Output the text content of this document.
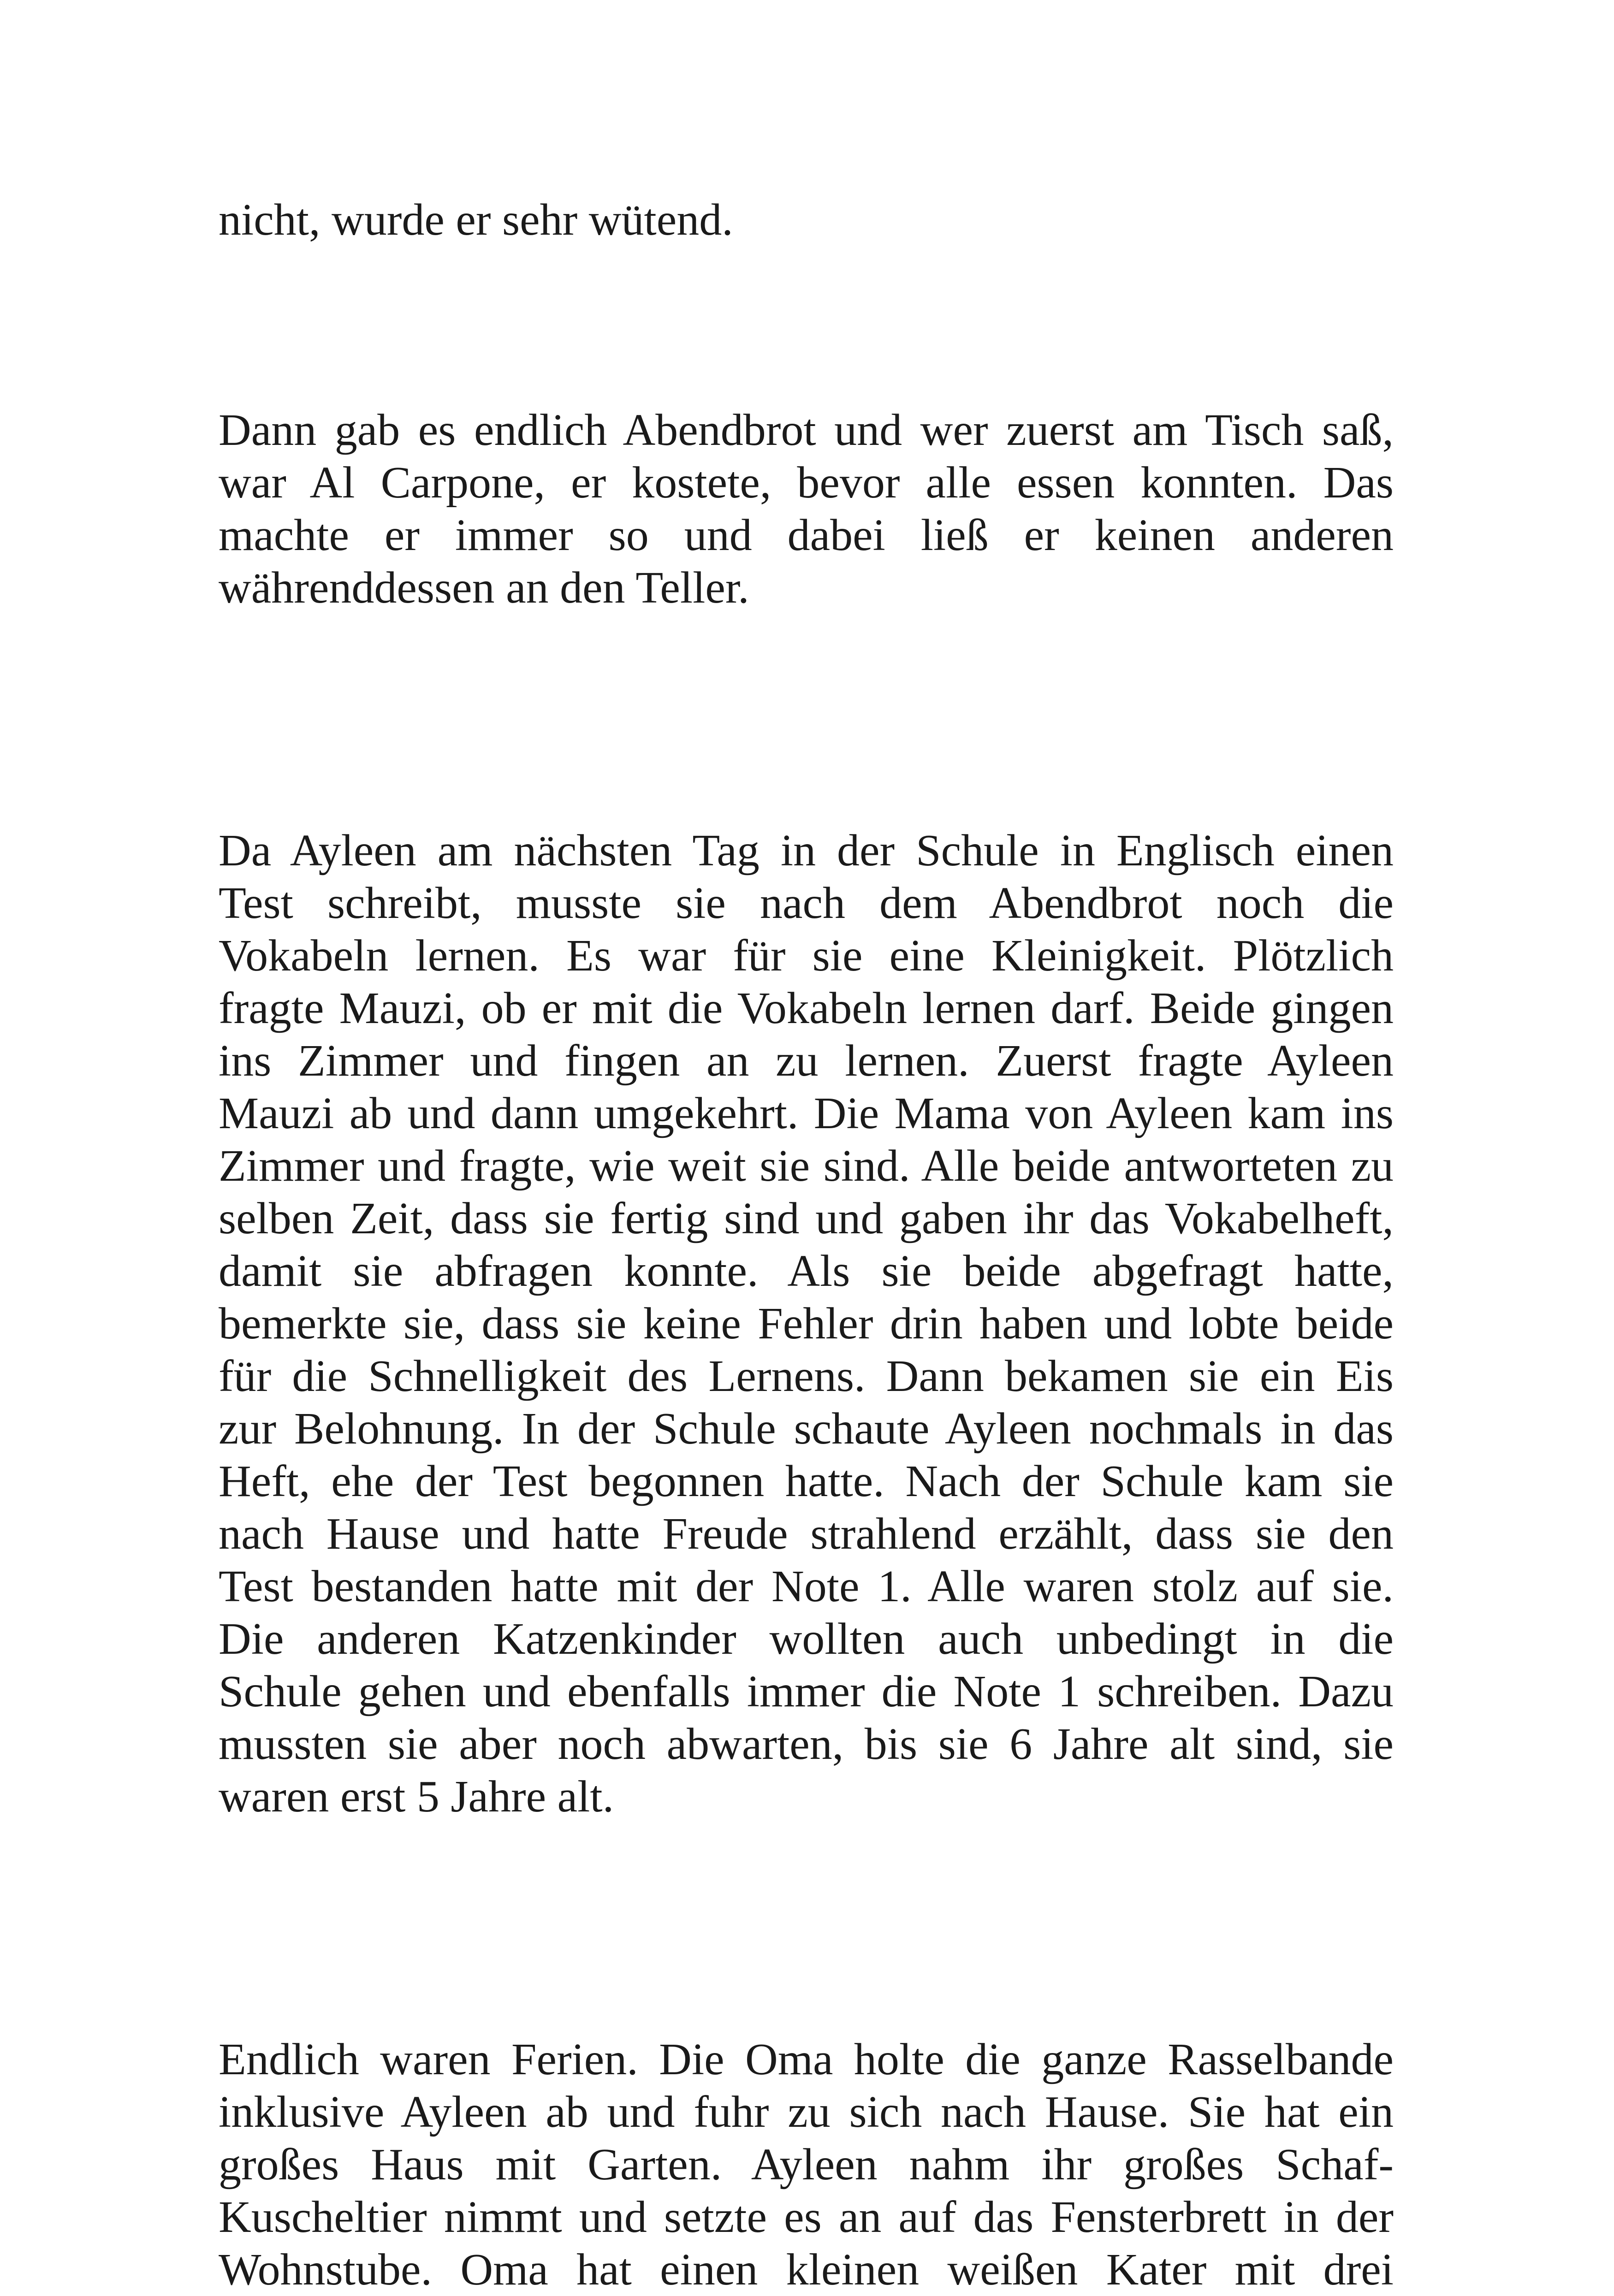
nicht, wurde er sehr wütend.
Dann gab es endlich Abendbrot und wer zuerst am Tisch saß,
war Al Carpone, er kostete, bevor alle essen konnten. Das
machte er immer so und dabei ließ er keinen anderen
währenddessen an den Teller.
Da Ayleen am nächsten Tag in der Schule in Englisch einen
Test schreibt, musste sie nach dem Abendbrot noch die
Vokabeln lernen. Es war für sie eine Kleinigkeit. Plötzlich
fragte Mauzi, ob er mit die Vokabeln lernen darf. Beide gingen
ins Zimmer und fingen an zu lernen. Zuerst fragte Ayleen
Mauzi ab und dann umgekehrt. Die Mama von Ayleen kam ins
Zimmer und fragte, wie weit sie sind. Alle beide antworteten zu
selben Zeit, dass sie fertig sind und gaben ihr das Vokabelheft,
damit sie abfragen konnte. Als sie beide abgefragt hatte,
bemerkte sie, dass sie keine Fehler drin haben und lobte beide
für die Schnelligkeit des Lernens. Dann bekamen sie ein Eis
zur Belohnung. In der Schule schaute Ayleen nochmals in das
Heft, ehe der Test begonnen hatte. Nach der Schule kam sie
nach Hause und hatte Freude strahlend erzählt, dass sie den
Test bestanden hatte mit der Note 1. Alle waren stolz auf sie.
Die anderen Katzenkinder wollten auch unbedingt in die
Schule gehen und ebenfalls immer die Note 1 schreiben. Dazu
mussten sie aber noch abwarten, bis sie 6 Jahre alt sind, sie
waren erst 5 Jahre alt.
Endlich waren Ferien. Die Oma holte die ganze Rasselbande
inklusive Ayleen ab und fuhr zu sich nach Hause. Sie hat ein
großes Haus mit Garten. Ayleen nahm ihr großes Schaf-
Kuscheltier nimmt und setzte es an auf das Fensterbrett in der
Wohnstube. Oma hat einen kleinen weißen Kater mit drei
